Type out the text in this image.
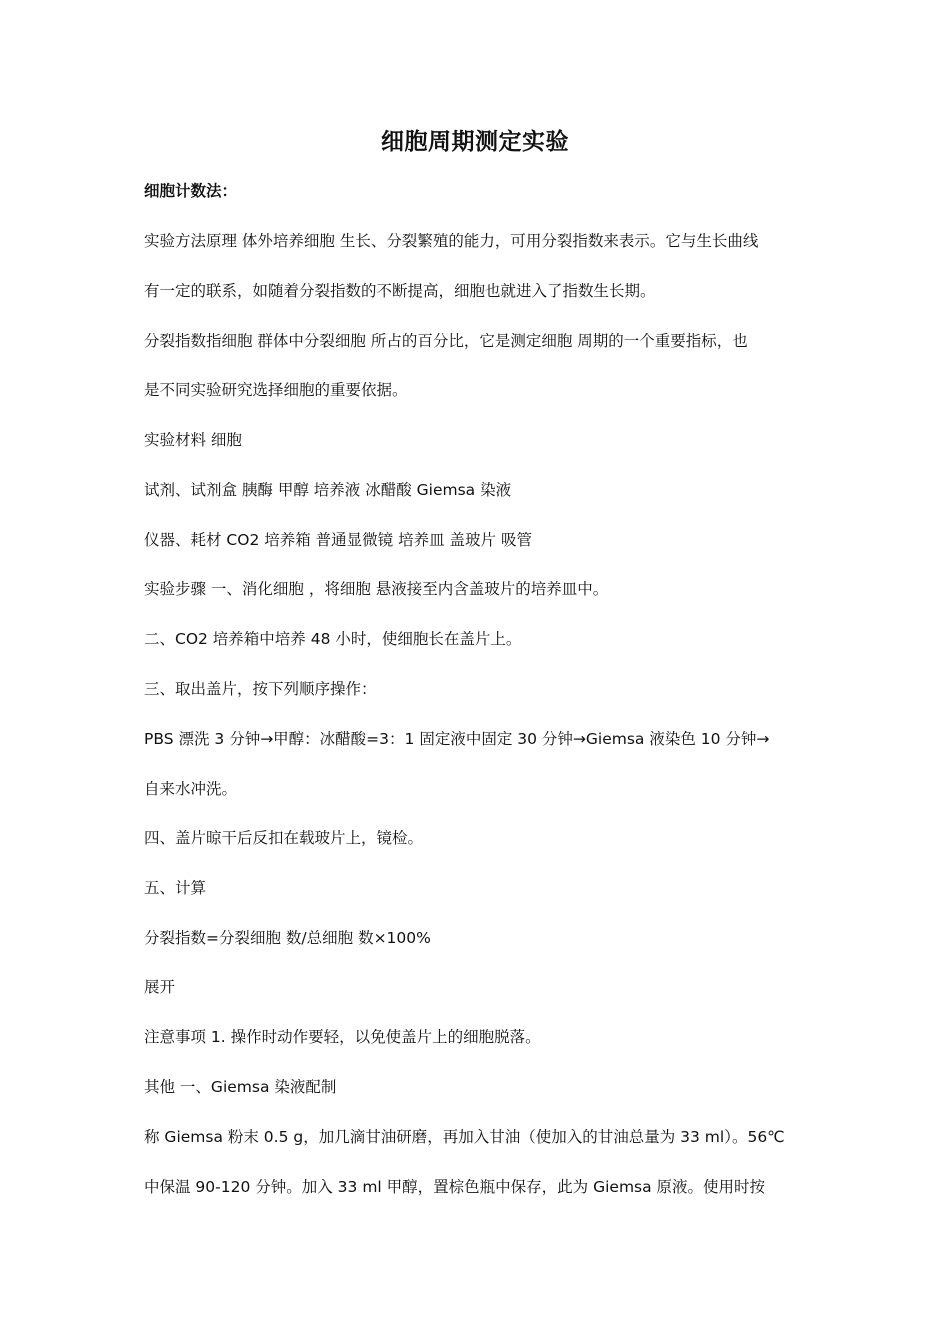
细胞周期测定实验
细胞计数法：
实验方法原理 体外培养细胞 生长、分裂繁殖的能力，可用分裂指数来表示。它与生长曲线
有一定的联系，如随着分裂指数的不断提高，细胞也就进入了指数生长期。
分裂指数指细胞 群体中分裂细胞 所占的百分比，它是测定细胞 周期的一个重要指标，也
是不同实验研究选择细胞的重要依据。
实验材料 细胞
试剂、试剂盒 胰酶 甲醇 培养液 冰醋酸 Giemsa 染液
仪器、耗材 CO2 培养箱 普通显微镜 培养皿 盖玻片 吸管
实验步骤 一、消化细胞 ，将细胞 悬液接至内含盖玻片的培养皿中。
二、CO2 培养箱中培养 48 小时，使细胞长在盖片上。
三、取出盖片，按下列顺序操作：
PBS 漂洗 3 分钟→甲醇：冰醋酸=3：1 固定液中固定 30 分钟→Giemsa 液染色 10 分钟→
自来水冲洗。
四、盖片晾干后反扣在载玻片上，镜检。
五、计算
分裂指数=分裂细胞 数/总细胞 数×100%
展开
注意事项 1. 操作时动作要轻，以免使盖片上的细胞脱落。
其他 一、Giemsa 染液配制
称 Giemsa 粉末 0.5 g，加几滴甘油研磨，再加入甘油（使加入的甘油总量为 33 ml）。56℃
中保温 90-120 分钟。加入 33 ml 甲醇，置棕色瓶中保存，此为 Giemsa 原液。使用时按
